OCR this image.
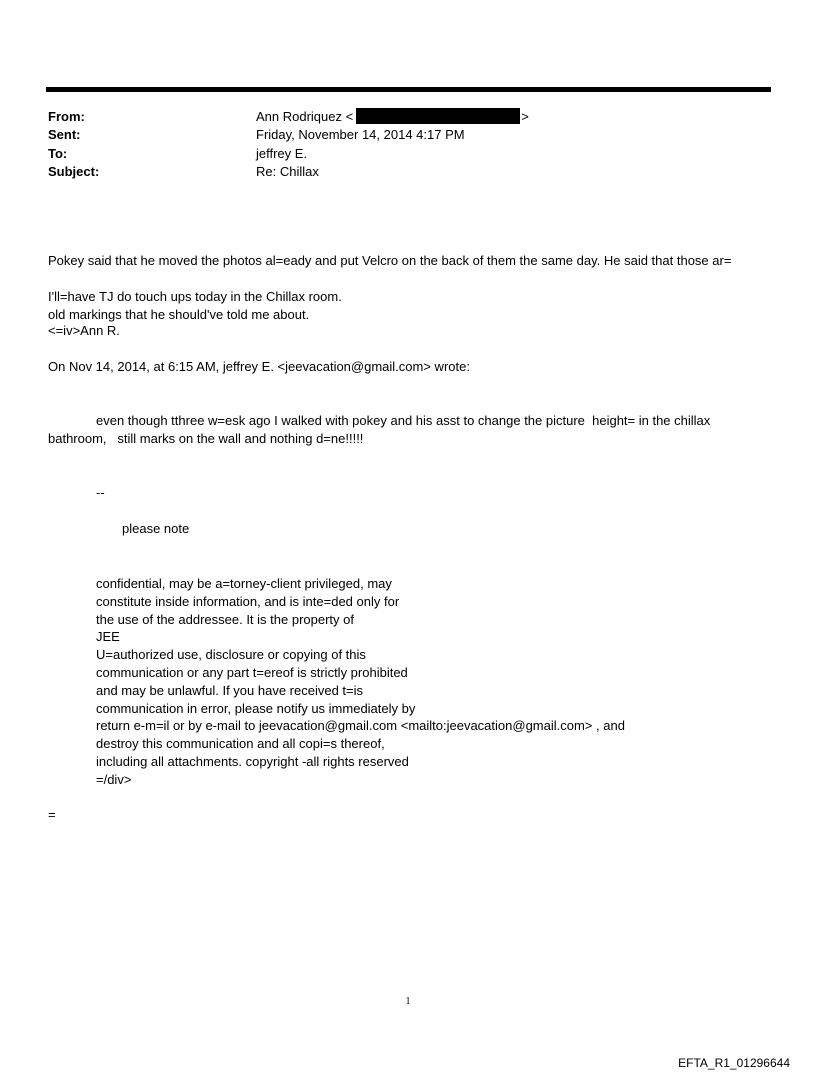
From:	Ann Rodriquez <	>
Sent:	Friday, November 14, 2014 4:17 PM
To:	jeffrey E.
Subject:	Re: Chillax

Pokey said that he moved the photos al=eady and put Velcro on the back of them the same day. He said that those ar=

old markings that he should've told me about.

I'll=have TJ do touch ups today in the Chillax room.
<=iv>Ann R.
On Nov 14, 2014, at 6:15 AM, jeffrey E. <jeevacation@gmail.com> wrote:
even though tthree w=esk ago I walked with pokey and his asst to change the picture  height= in the chillax
bathroom,   still marks on the wall and nothing d=ne!!!!!
--
please note
confidential, may be a=torney-client privileged, may
constitute inside information, and is inte=ded only for
the use of the addressee. It is the property of
JEE
U=authorized use, disclosure or copying of this
communication or any part t=ereof is strictly prohibited
and may be unlawful. If you have received t=is
communication in error, please notify us immediately by
return e-m=il or by e-mail to jeevacation@gmail.com <mailto:jeevacation@gmail.com> , and
destroy this communication and all copi=s thereof,
including all attachments. copyright -all rights reserved
=/div>
=
1
EFTA_R1_01296644
